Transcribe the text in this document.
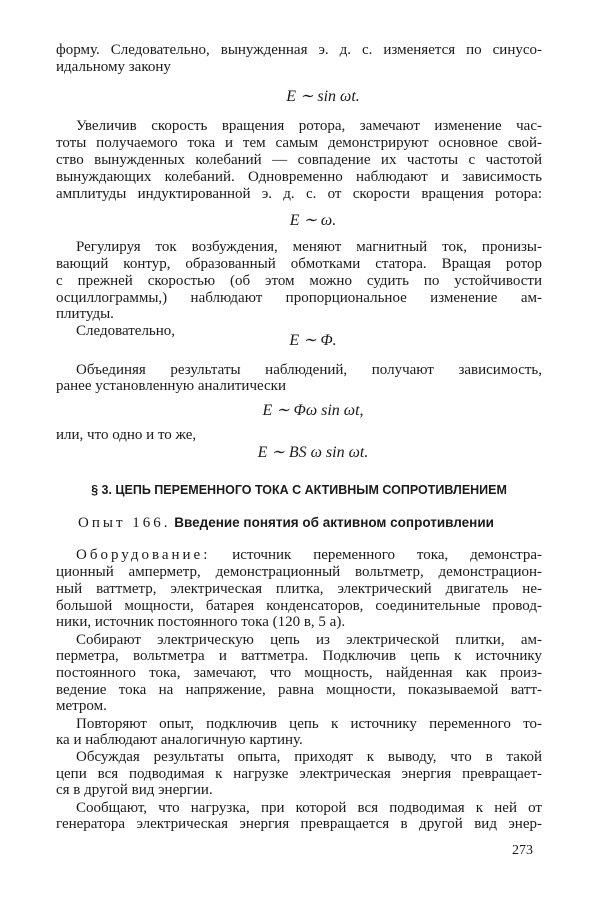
форму. Следовательно, вынужденная э. д. с. изменяется по синусо-
идальному закону
E ∼ sin ωt.
Увеличив скорость вращения ротора, замечают изменение час-
тоты получаемого тока и тем самым демонстрируют основное свой-
ство вынужденных колебаний — совпадение их частоты с частотой
вынуждающих колебаний. Одновременно наблюдают и зависимость
амплитуды индуктированной э. д. с. от скорости вращения ротора:
E ∼ ω.
Регулируя ток возбуждения, меняют магнитный ток, пронизы-
вающий контур, образованный обмотками статора. Вращая ротор
с прежней скоростью (об этом можно судить по устойчивости
осциллограммы,) наблюдают пропорциональное изменение ам-
плитуды.
Следовательно,
E ∼ Φ.
Объединяя результаты наблюдений, получают зависимость,
ранее установленную аналитически
E ∼ Φω sin ωt,
или, что одно и то же,
E ∼ BS ω sin ωt.
§ 3. ЦЕПЬ ПЕРЕМЕННОГО ТОКА С АКТИВНЫМ СОПРОТИВЛЕНИЕМ
Опыт 166. Введение понятия об активном сопротивлении
Оборудование: источник переменного тока, демонстра-
ционный амперметр, демонстрационный вольтметр, демонстрацион-
ный ваттметр, электрическая плитка, электрический двигатель не-
большой мощности, батарея конденсаторов, соединительные провод-
ники, источник постоянного тока (120 в, 5 а).
Собирают электрическую цепь из электрической плитки, ам-
перметра, вольтметра и ваттметра. Подключив цепь к источнику
постоянного тока, замечают, что мощность, найденная как произ-
ведение тока на напряжение, равна мощности, показываемой ватт-
метром.
Повторяют опыт, подключив цепь к источнику переменного то-
ка и наблюдают аналогичную картину.
Обсуждая результаты опыта, приходят к выводу, что в такой
цепи вся подводимая к нагрузке электрическая энергия превращает-
ся в другой вид энергии.
Сообщают, что нагрузка, при которой вся подводимая к ней от
генератора электрическая энергия превращается в другой вид энер-
273
